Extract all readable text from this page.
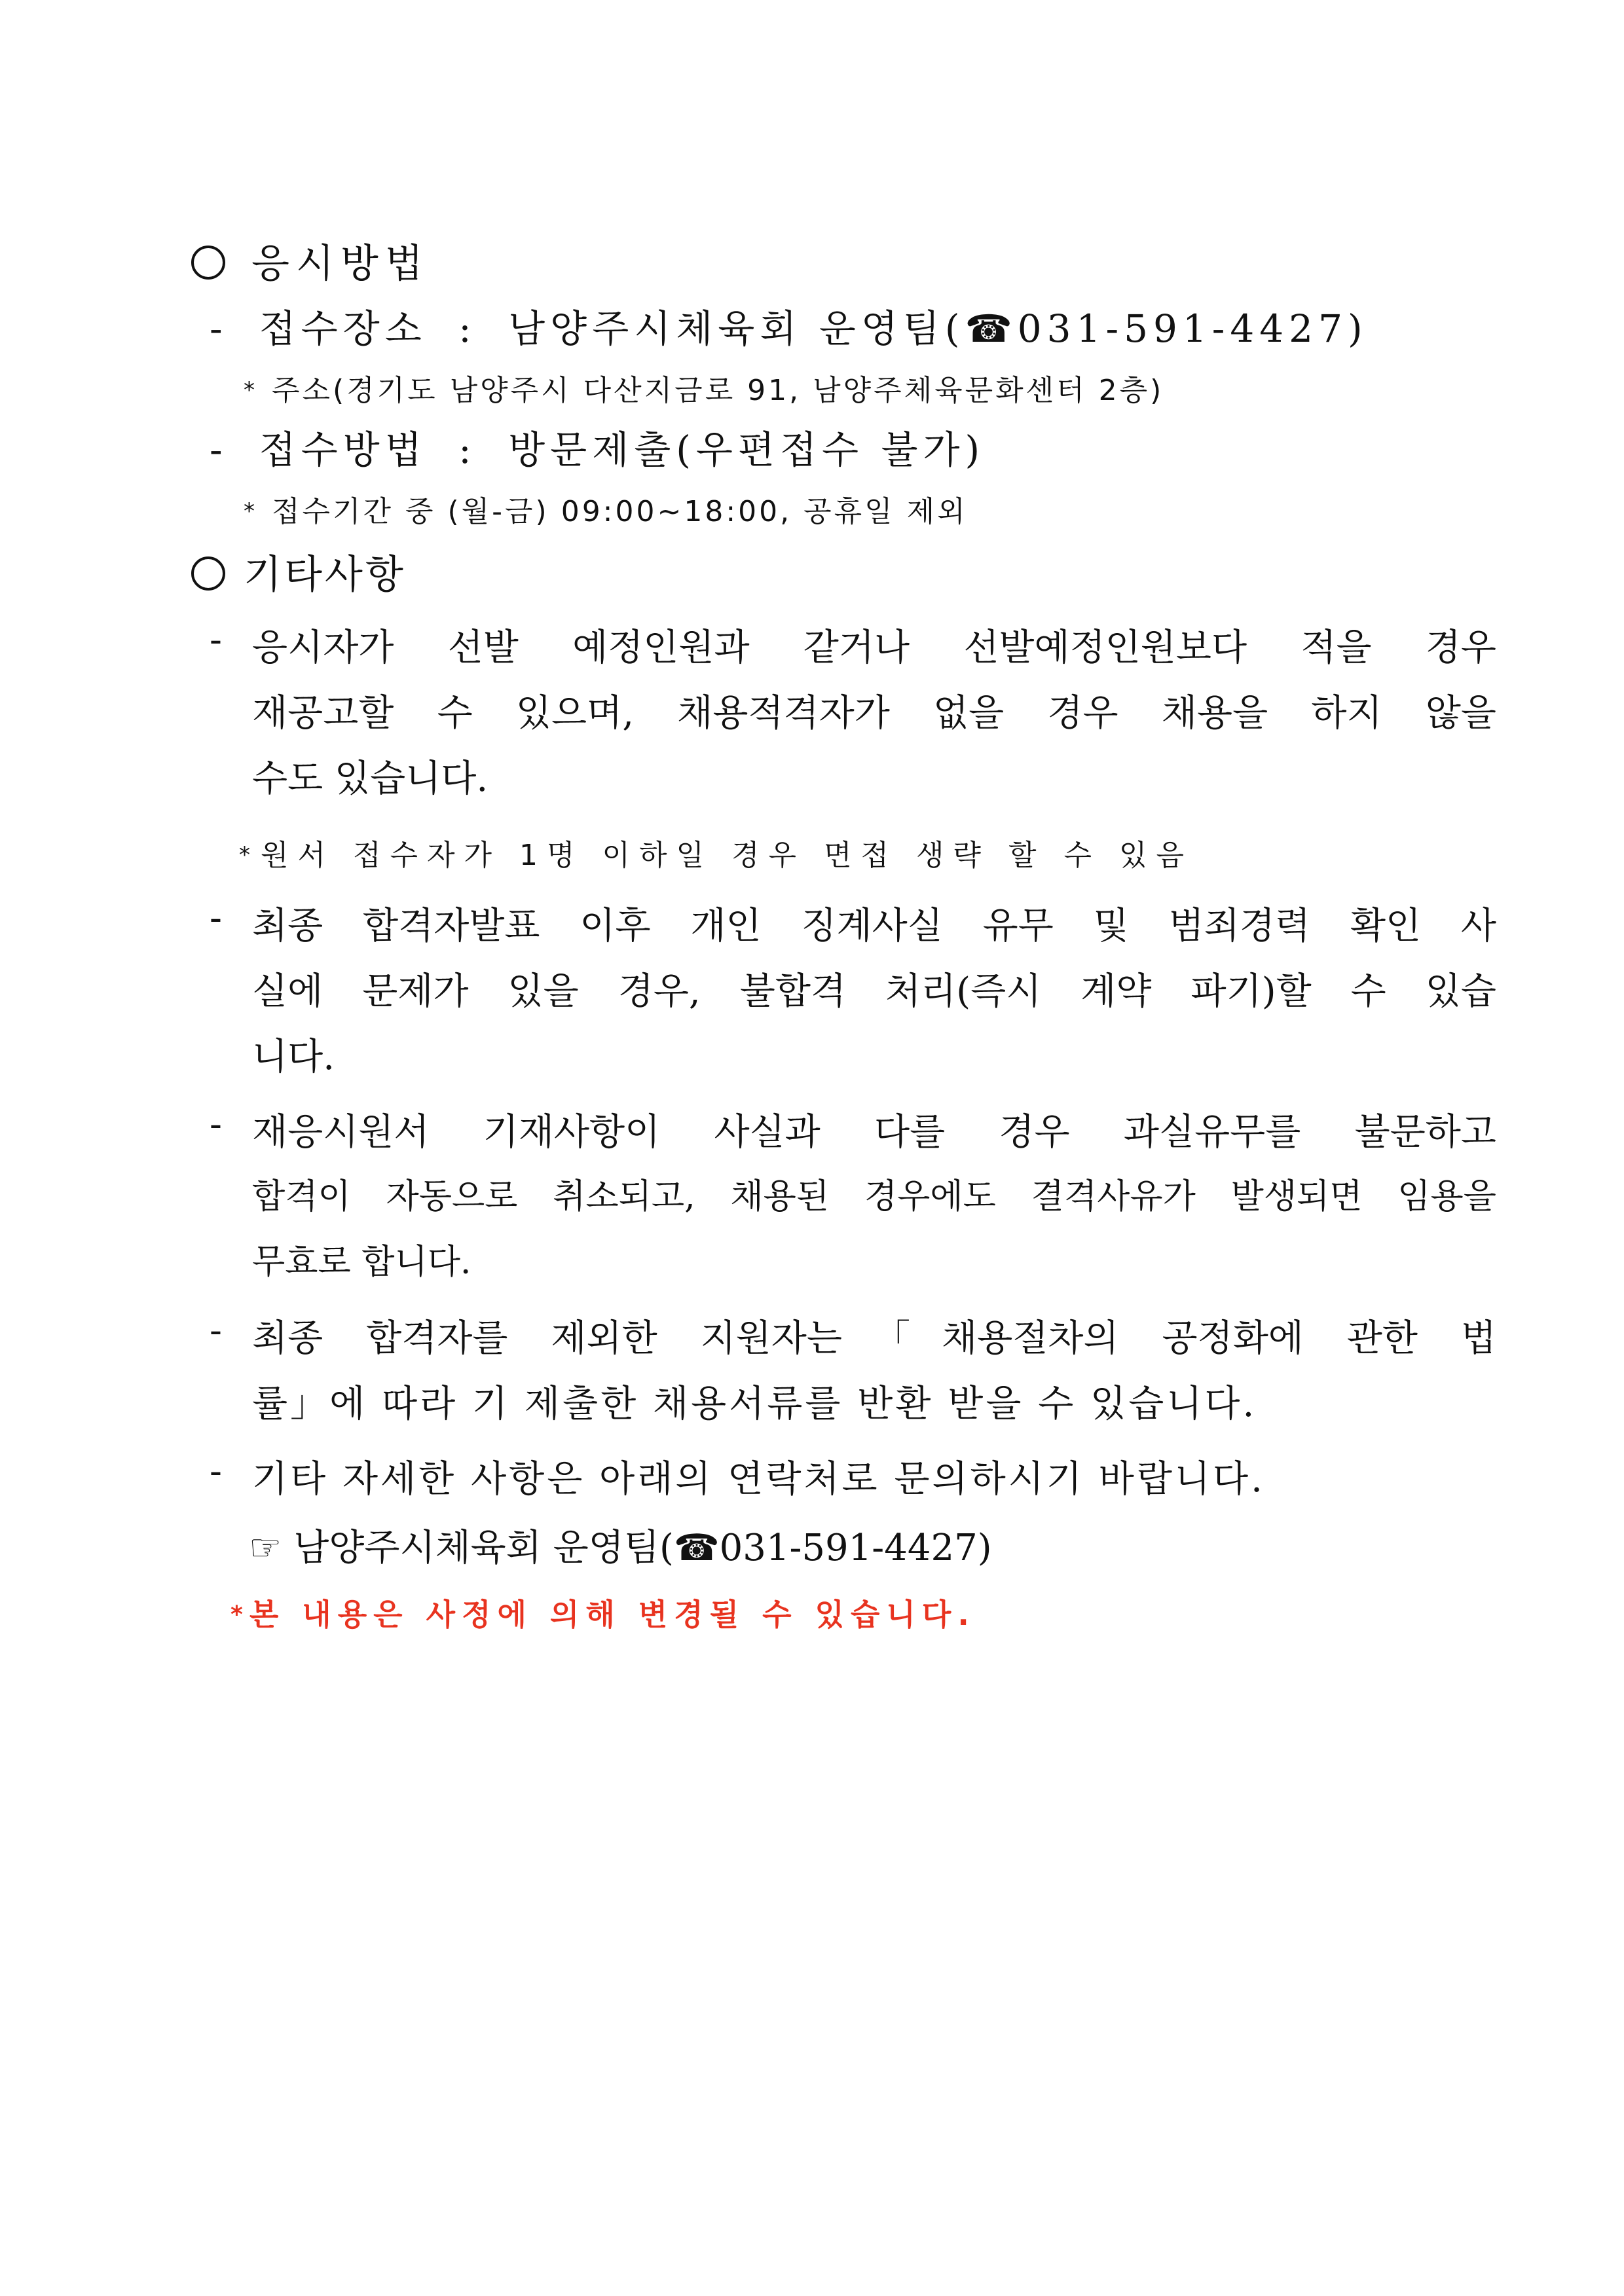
응시방법
- 접수장소 : 남양주시체육회 운영팀(☎031-591-4427)
* 주소(경기도 남양주시 다산지금로 91, 남양주체육문화센터 2층)
- 접수방법 : 방문제출(우편접수 불가)
* 접수기간 중 (월-금) 09:00~18:00, 공휴일 제외
기타사항
- 응시자가 선발 예정인원과 같거나 선발예정인원보다 적을 경우
재공고할 수 있으며, 채용적격자가 없을 경우 채용을 하지 않을
수도 있습니다.
* 원서 접수자가 1명 이하일 경우 면접 생략 할 수 있음
- 최종 합격자발표 이후 개인 징계사실 유무 및 범죄경력 확인 사
실에 문제가 있을 경우, 불합격 처리(즉시 계약 파기)할 수 있습
니다.
- 재응시원서 기재사항이 사실과 다를 경우 과실유무를 불문하고
합격이 자동으로 취소되고, 채용된 경우에도 결격사유가 발생되면 임용을
무효로 합니다.
- 최종 합격자를 제외한 지원자는「채용절차의 공정화에 관한 법
률」에 따라 기 제출한 채용서류를 반환 받을 수 있습니다.
- 기타 자세한 사항은 아래의 연락처로 문의하시기 바랍니다.
☞ 남양주시체육회 운영팀(☎031-591-4427)
* 본 내용은 사정에 의해 변경될 수 있습니다.
